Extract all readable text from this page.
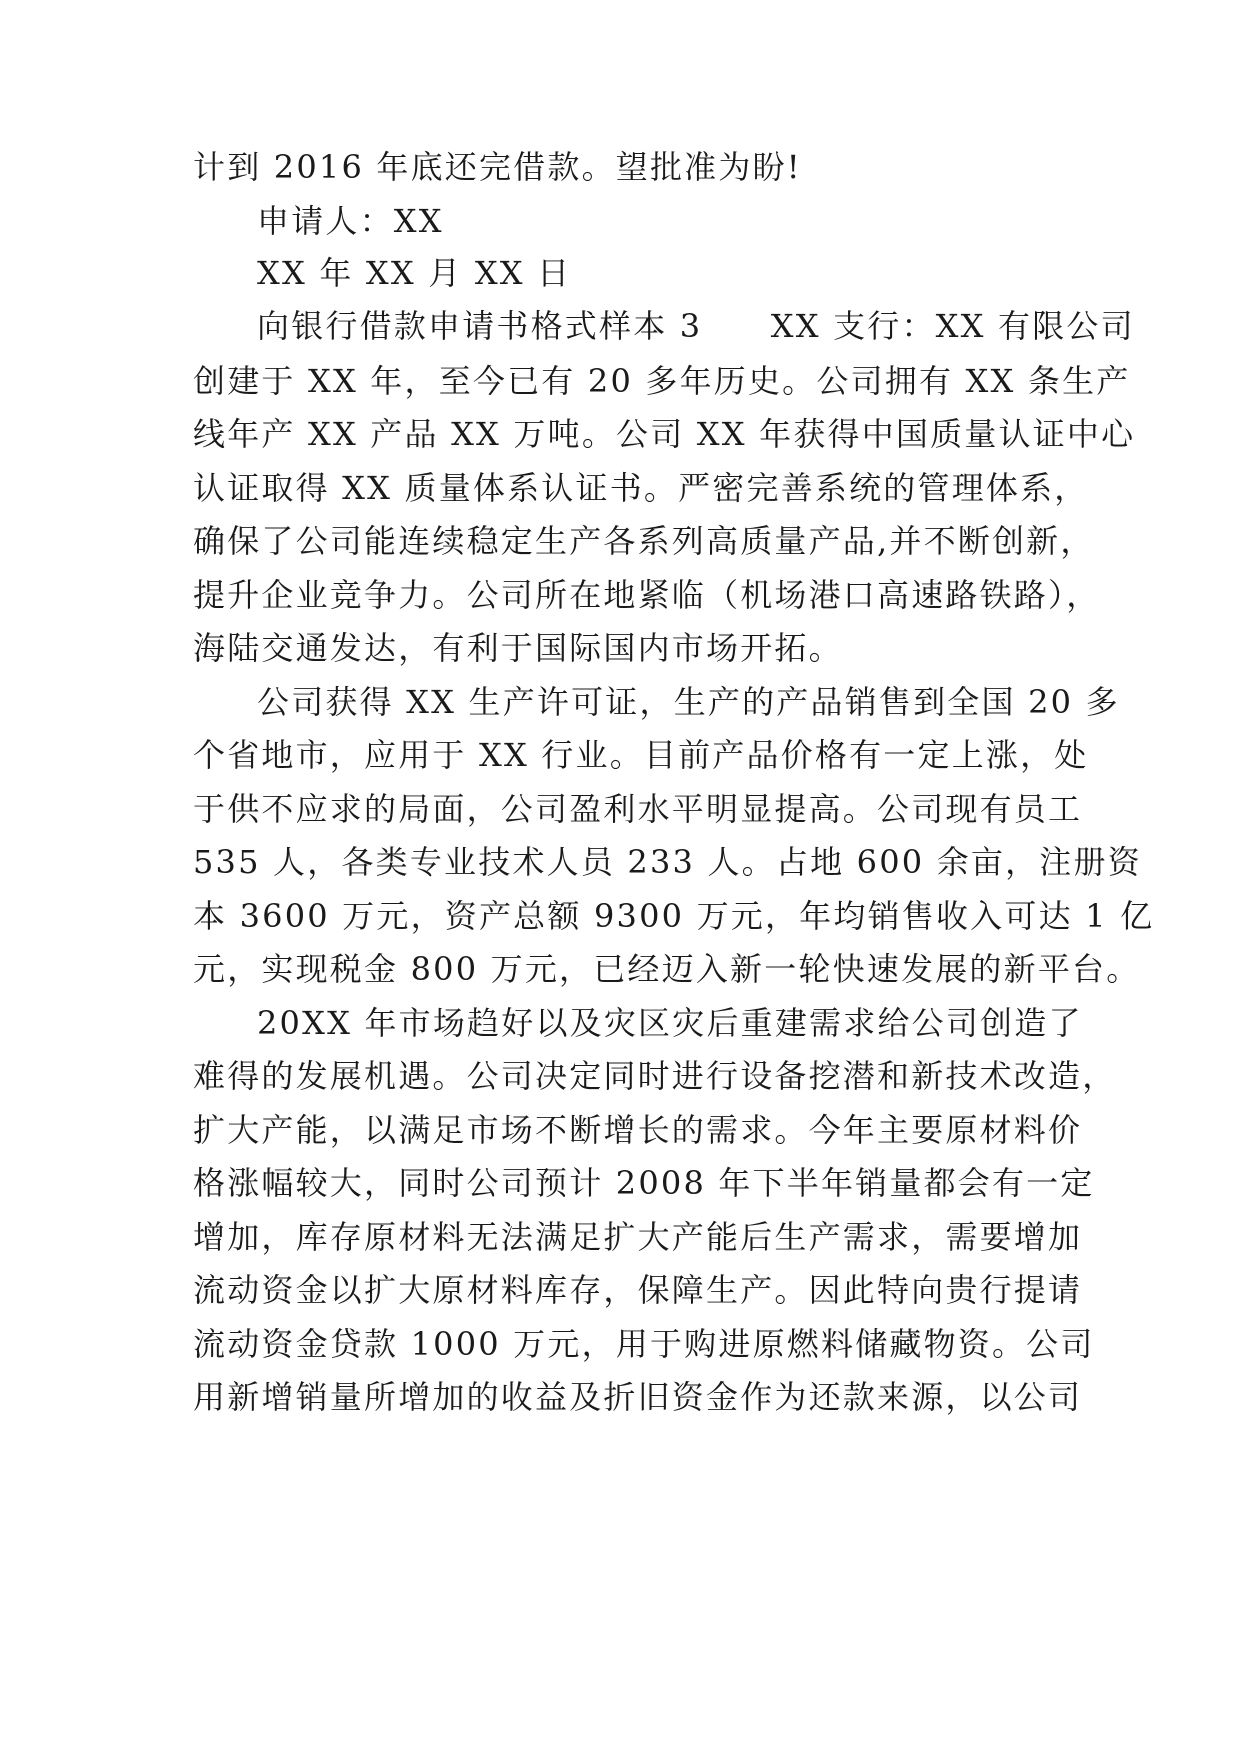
计到 2016 年底还完借款。望批准为盼!
申请人：XX
XX 年 XX 月 XX 日
向银行借款申请书格式样本 3　　XX 支行：XX 有限公司
创建于 XX 年，至今已有 20 多年历史。公司拥有 XX 条生产
线年产 XX 产品 XX 万吨。公司 XX 年获得中国质量认证中心
认证取得 XX 质量体系认证书。严密完善系统的管理体系，
确保了公司能连续稳定生产各系列高质量产品,并不断创新，
提升企业竞争力。公司所在地紧临（机场港口高速路铁路），
海陆交通发达，有利于国际国内市场开拓。
公司获得 XX 生产许可证，生产的产品销售到全国 20 多
个省地市，应用于 XX 行业。目前产品价格有一定上涨，处
于供不应求的局面，公司盈利水平明显提高。公司现有员工
535 人，各类专业技术人员 233 人。占地 600 余亩，注册资
本 3600 万元，资产总额 9300 万元，年均销售收入可达 1 亿
元，实现税金 800 万元，已经迈入新一轮快速发展的新平台。
20XX 年市场趋好以及灾区灾后重建需求给公司创造了
难得的发展机遇。公司决定同时进行设备挖潜和新技术改造，
扩大产能，以满足市场不断增长的需求。今年主要原材料价
格涨幅较大，同时公司预计 2008 年下半年销量都会有一定
增加，库存原材料无法满足扩大产能后生产需求，需要增加
流动资金以扩大原材料库存，保障生产。因此特向贵行提请
流动资金贷款 1000 万元，用于购进原燃料储藏物资。公司
用新增销量所增加的收益及折旧资金作为还款来源，以公司
